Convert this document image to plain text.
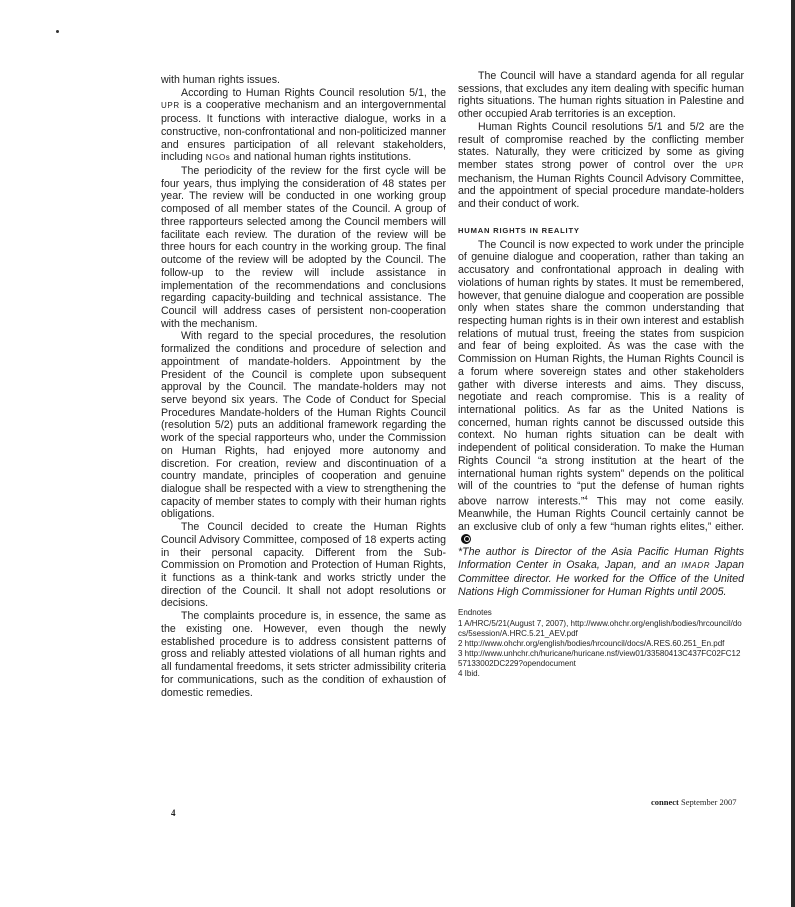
with human rights issues.

According to Human Rights Council resolution 5/1, the UPR is a cooperative mechanism and an intergovernmental process. It functions with interactive dialogue, works in a constructive, non-confrontational and non-politicized manner and ensures participation of all relevant stakeholders, including NGOs and national human rights institutions.

The periodicity of the review for the first cycle will be four years, thus implying the consideration of 48 states per year. The review will be conducted in one working group composed of all member states of the Council. A group of three rapporteurs selected among the Council members will facilitate each review. The duration of the review will be three hours for each country in the working group. The final outcome of the review will be adopted by the Council. The follow-up to the review will include assistance in implementation of the recommendations and conclusions regarding capacity-building and technical assistance. The Council will address cases of persistent non-cooperation with the mechanism.

With regard to the special procedures, the resolution formalized the conditions and procedure of selection and appointment of mandate-holders. Appointment by the President of the Council is complete upon subsequent approval by the Council. The mandate-holders may not serve beyond six years. The Code of Conduct for Special Procedures Mandate-holders of the Human Rights Council (resolution 5/2) puts an additional framework regarding the work of the special rapporteurs who, under the Commission on Human Rights, had enjoyed more autonomy and discretion. For creation, review and discontinuation of a country mandate, principles of cooperation and genuine dialogue shall be respected with a view to strengthening the capacity of member states to comply with their human rights obligations.

The Council decided to create the Human Rights Council Advisory Committee, composed of 18 experts acting in their personal capacity. Different from the Sub-Commission on Promotion and Protection of Human Rights, it functions as a think-tank and works strictly under the direction of the Council. It shall not adopt resolutions or decisions.

The complaints procedure is, in essence, the same as the existing one. However, even though the newly established procedure is to address consistent patterns of gross and reliably attested violations of all human rights and all fundamental freedoms, it sets stricter admissibility criteria for communications, such as the condition of exhaustion of domestic remedies.

The Council will have a standard agenda for all regular sessions, that excludes any item dealing with specific human rights situations. The human rights situation in Palestine and other occupied Arab territories is an exception.

Human Rights Council resolutions 5/1 and 5/2 are the result of compromise reached by the conflicting member states. Naturally, they were criticized by some as giving member states strong power of control over the UPR mechanism, the Human Rights Council Advisory Committee, and the appointment of special procedure mandate-holders and their conduct of work.

HUMAN RIGHTS IN REALITY

The Council is now expected to work under the principle of genuine dialogue and cooperation, rather than taking an accusatory and confrontational approach in dealing with violations of human rights by states. It must be remembered, however, that genuine dialogue and cooperation are possible only when states share the common understanding that respecting human rights is in their own interest and establish relations of mutual trust, freeing the states from suspicion and fear of being exploited. As was the case with the Commission on Human Rights, the Human Rights Council is a forum where sovereign states and other stakeholders gather with diverse interests and aims. They discuss, negotiate and reach compromise. This is a reality of international politics. As far as the United Nations is concerned, human rights cannot be discussed outside this context. No human rights situation can be dealt with independent of political consideration. To make the Human Rights Council “a strong institution at the heart of the international human rights system” depends on the political will of the countries to “put the defense of human rights above narrow interests.”$^4$ This may not come easily. Meanwhile, the Human Rights Council certainly cannot be an exclusive club of only a few “human rights elites,” either.

*The author is Director of the Asia Pacific Human Rights Information Center in Osaka, Japan, and an IMADR Japan Committee director. He worked for the Office of the United Nations High Commissioner for Human Rights until 2005.

Endnotes
1 A/HRC/5/21(August 7, 2007), http://www.ohchr.org/english/bodies/hrcouncil/docs/5session/A.HRC.5.21_AEV.pdf
2 http://www.ohchr.org/english/bodies/hrcouncil/docs/A.RES.60.251_En.pdf
3 http://www.unhchr.ch/huricane/huricane.nsf/view01/33580413C437FC02FC1257133002DC229?opendocument
4 Ibid.
4
connect September 2007
